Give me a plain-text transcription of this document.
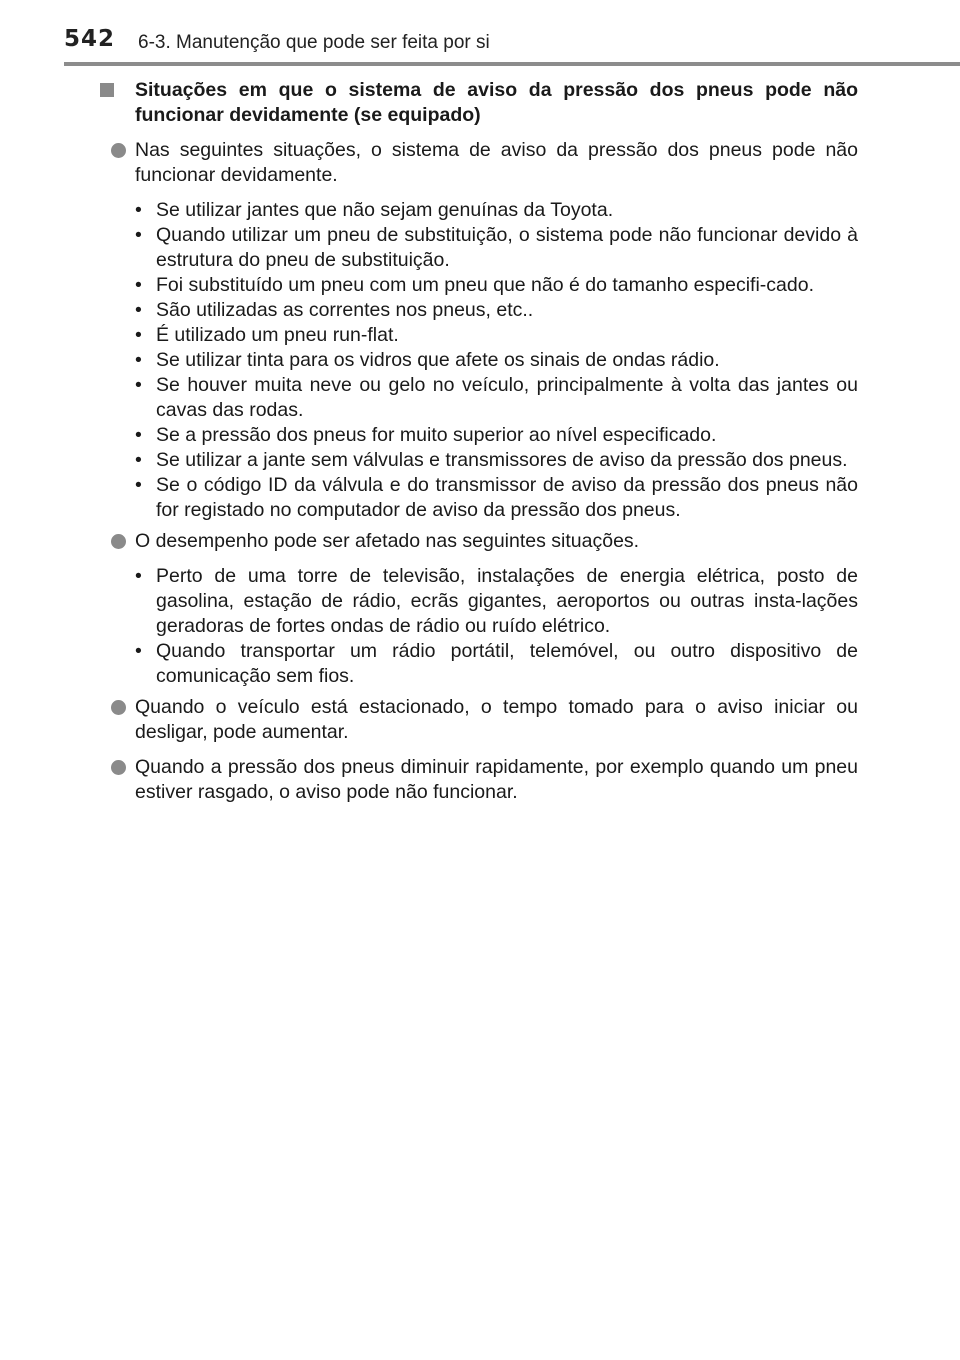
542 6-3. Manutenção que pode ser feita por si
Situações em que o sistema de aviso da pressão dos pneus pode não funcionar devidamente (se equipado)
Nas seguintes situações, o sistema de aviso da pressão dos pneus pode não funcionar devidamente.
• Se utilizar jantes que não sejam genuínas da Toyota.
• Quando utilizar um pneu de substituição, o sistema pode não funcionar devido à estrutura do pneu de substituição.
• Foi substituído um pneu com um pneu que não é do tamanho especifi-cado.
• São utilizadas as correntes nos pneus, etc..
• É utilizado um pneu run-flat.
• Se utilizar tinta para os vidros que afete os sinais de ondas rádio.
• Se houver muita neve ou gelo no veículo, principalmente à volta das jantes ou cavas das rodas.
• Se a pressão dos pneus for muito superior ao nível especificado.
• Se utilizar a jante sem válvulas e transmissores de aviso da pressão dos pneus.
• Se o código ID da válvula e do transmissor de aviso da pressão dos pneus não for registado no computador de aviso da pressão dos pneus.
O desempenho pode ser afetado nas seguintes situações.
• Perto de uma torre de televisão, instalações de energia elétrica, posto de gasolina, estação de rádio, ecrãs gigantes, aeroportos ou outras insta-lações geradoras de fortes ondas de rádio ou ruído elétrico.
• Quando transportar um rádio portátil, telemóvel, ou outro dispositivo de comunicação sem fios.
Quando o veículo está estacionado, o tempo tomado para o aviso iniciar ou desligar, pode aumentar.
Quando a pressão dos pneus diminuir rapidamente, por exemplo quando um pneu estiver rasgado, o aviso pode não funcionar.
